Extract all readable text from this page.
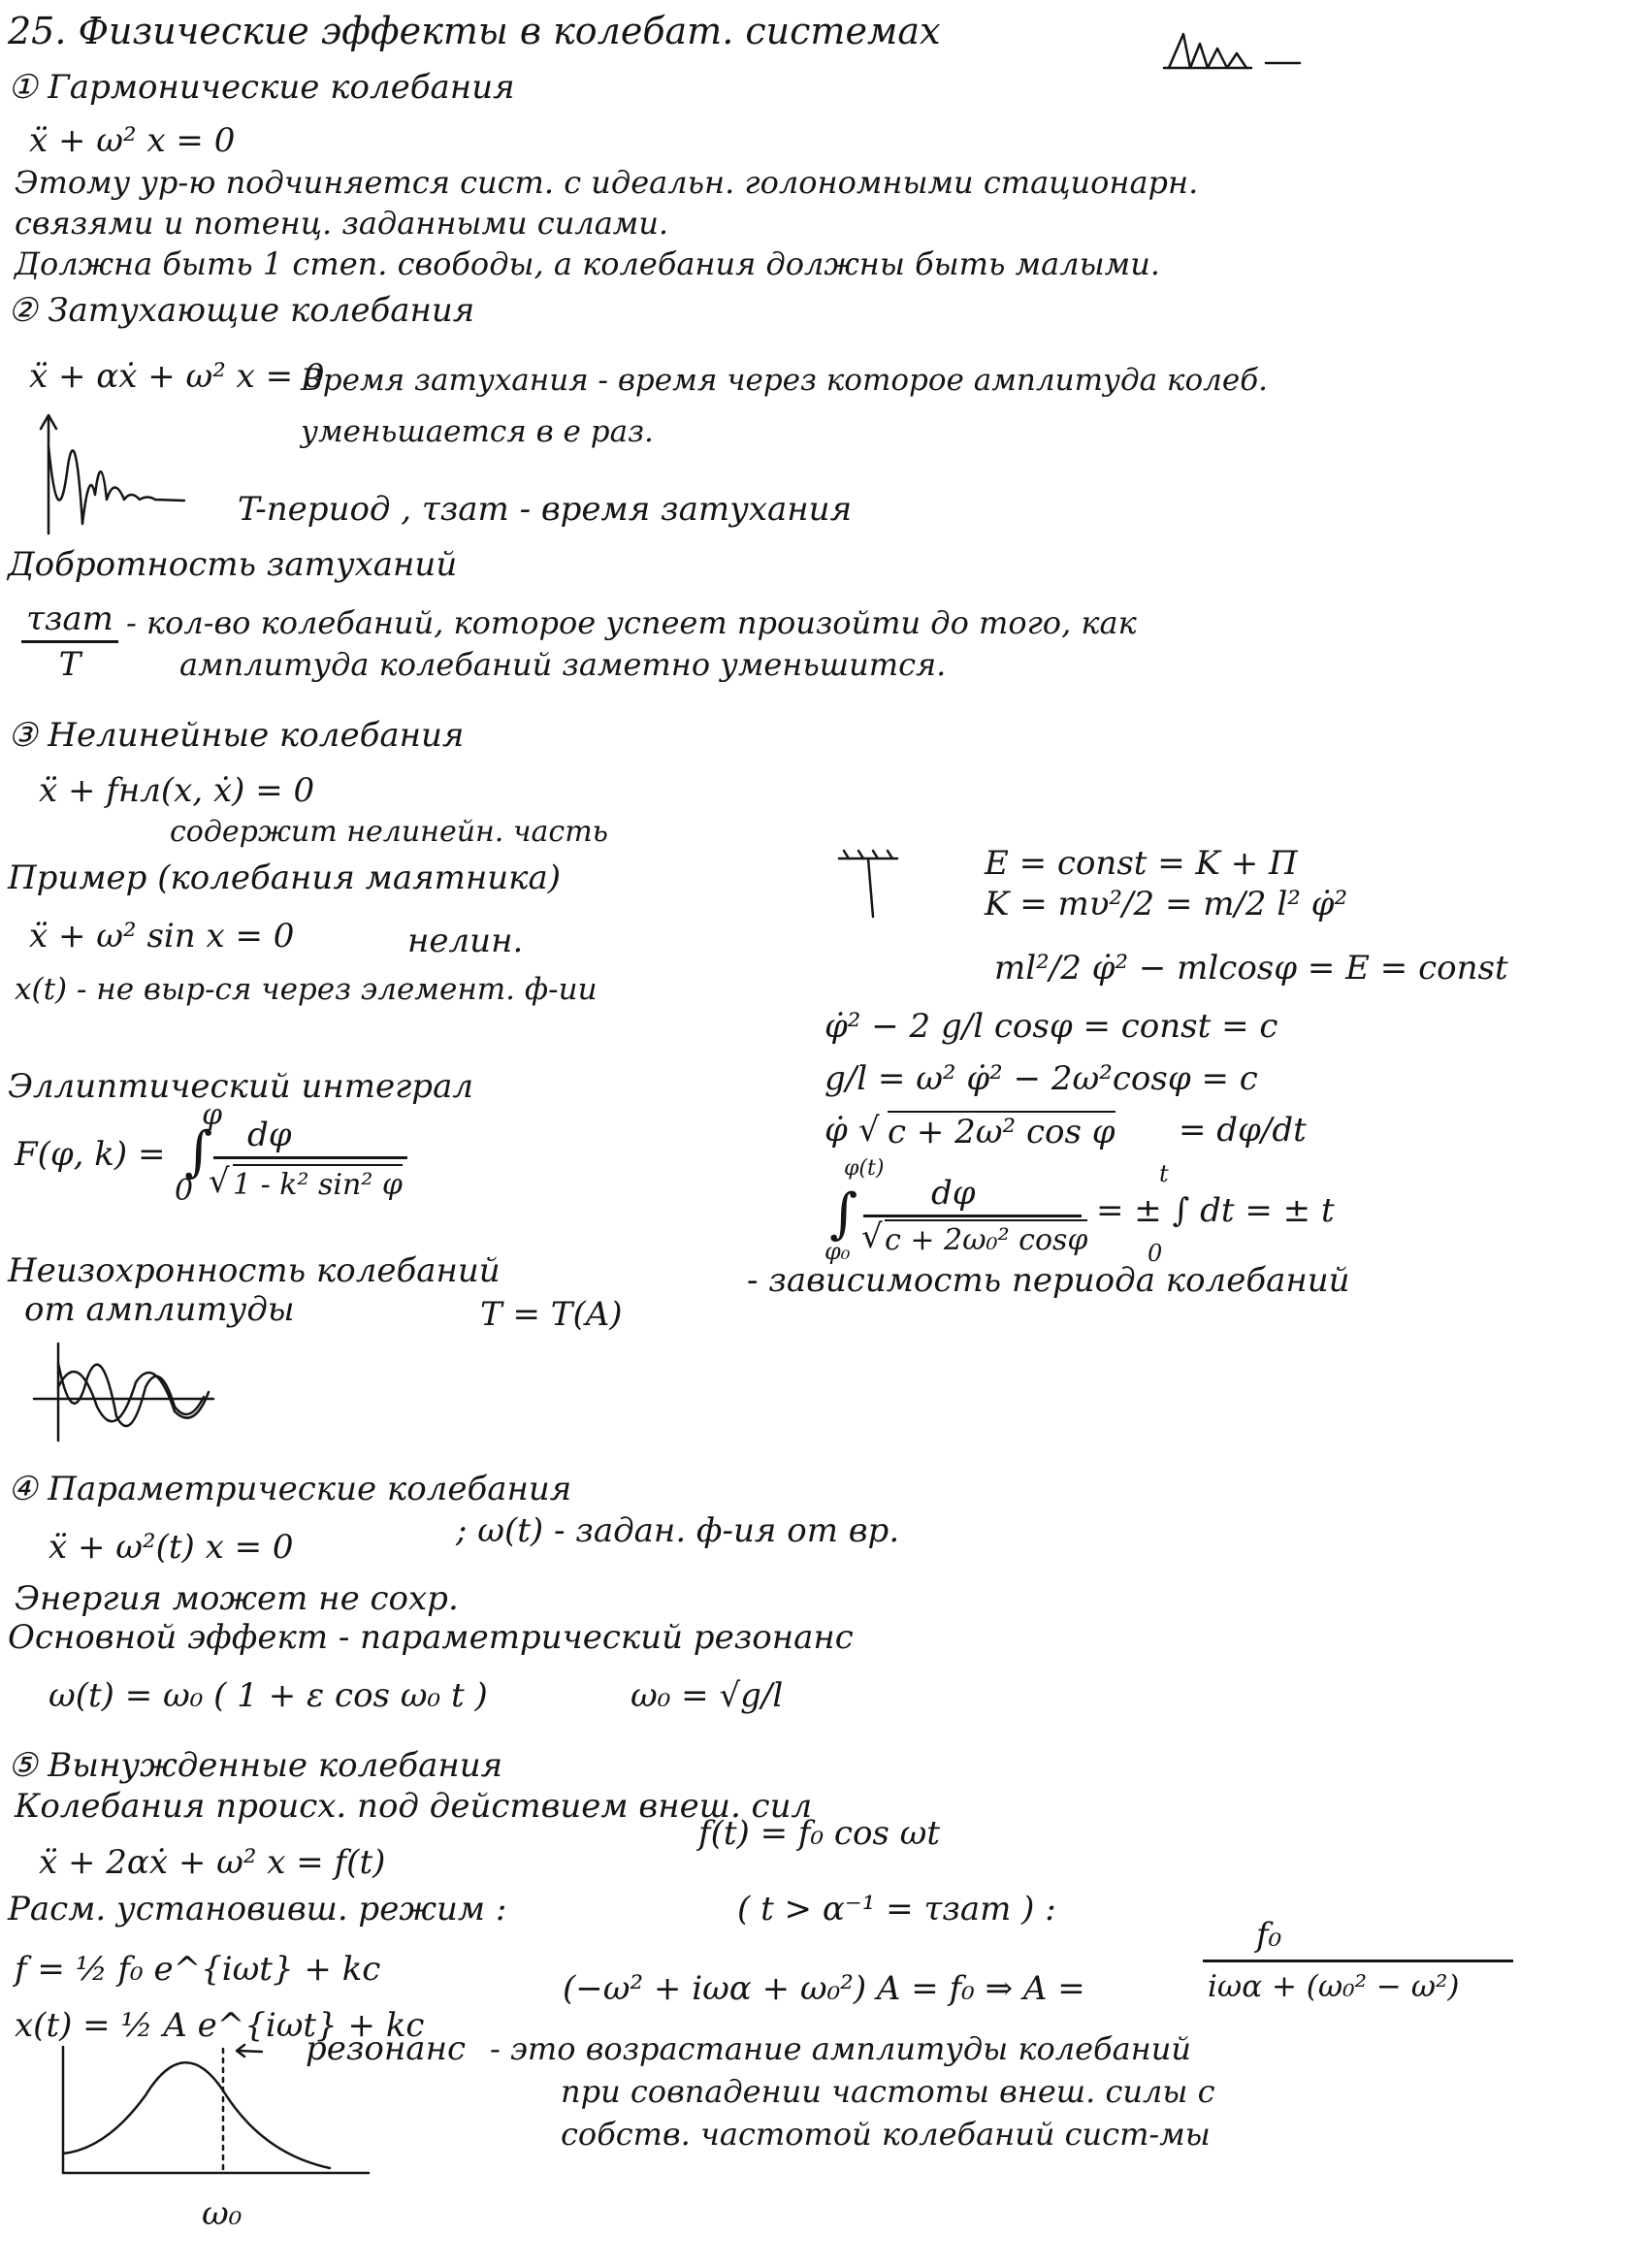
25. Физические эффекты в колебат. системах
① Гармонические колебания
ẍ + ω² x = 0
Этому ур-ю подчиняется сист. с идеальн. голономными стационарн.
связями и потенц. заданными силами.
Должна быть 1 степ. свободы, а колебания должны быть малыми.
② Затухающие колебания
ẍ + αẋ + ω² x = 0
Время затухания - время через которое амплитуда колеб.
уменьшается в e раз.
T-период , τзат - время затухания
Добротность затуханий
τзат
T
- кол-во колебаний, которое успеет произойти до того, как
амплитуда колебаний заметно уменьшится.
③ Нелинейные колебания
ẍ + fнл(x, ẋ) = 0
содержит нелинейн. часть
Пример (колебания маятника)
ẍ + ω² sin x = 0	нелин.
x(t) - не выр-ся через элемент. ф-ии
Эллиптический интеграл
F(φ, k) = ∫
φ
0
dφ
√ 1 - k² sin² φ
E = const = K + Π
K = mυ²/2 = m/2 l² φ̇²
ml²/2 φ̇² − mlcosφ = E = const
φ̇² − 2 g/l cosφ = const = c
g/l = ω² φ̇² − 2ω²cosφ = c
φ̇ √ c + 2ω² cos φ = dφ/dt
∫
φ(t)
φ₀
dφ
√ c + 2ω₀² cosφ
= ± ∫ dt = ± t
t
0
Неизохронность колебаний
от амплитуды	T = T(A)
- зависимость периода колебаний
④ Параметрические колебания
ẍ + ω²(t) x = 0	; ω(t) - задан. ф-ия от вр.
Энергия может не сохр.
Основной эффект - параметрический резонанс
ω(t) = ω₀ ( 1 + ε cos ω₀ t )	ω₀ = √g/l
⑤ Вынужденные колебания
Колебания происх. под действием внеш. сил
ẍ + 2αẋ + ω² x = f(t)
f(t) = f₀ cos ωt
Расм. установивш. режим :	( t > α⁻¹ = τзат ) :
f = ½ f₀ e^{iωt} + kc	(−ω² + iωα + ω₀²) A = f₀ ⇒ A =
f₀
iωα + (ω₀² − ω²)
x(t) = ½ A e^{iωt} + kc
резонанс - это возрастание амплитуды колебаний
при совпадении частоты внеш. силы с
собств. частотой колебаний сист-мы
ω₀
